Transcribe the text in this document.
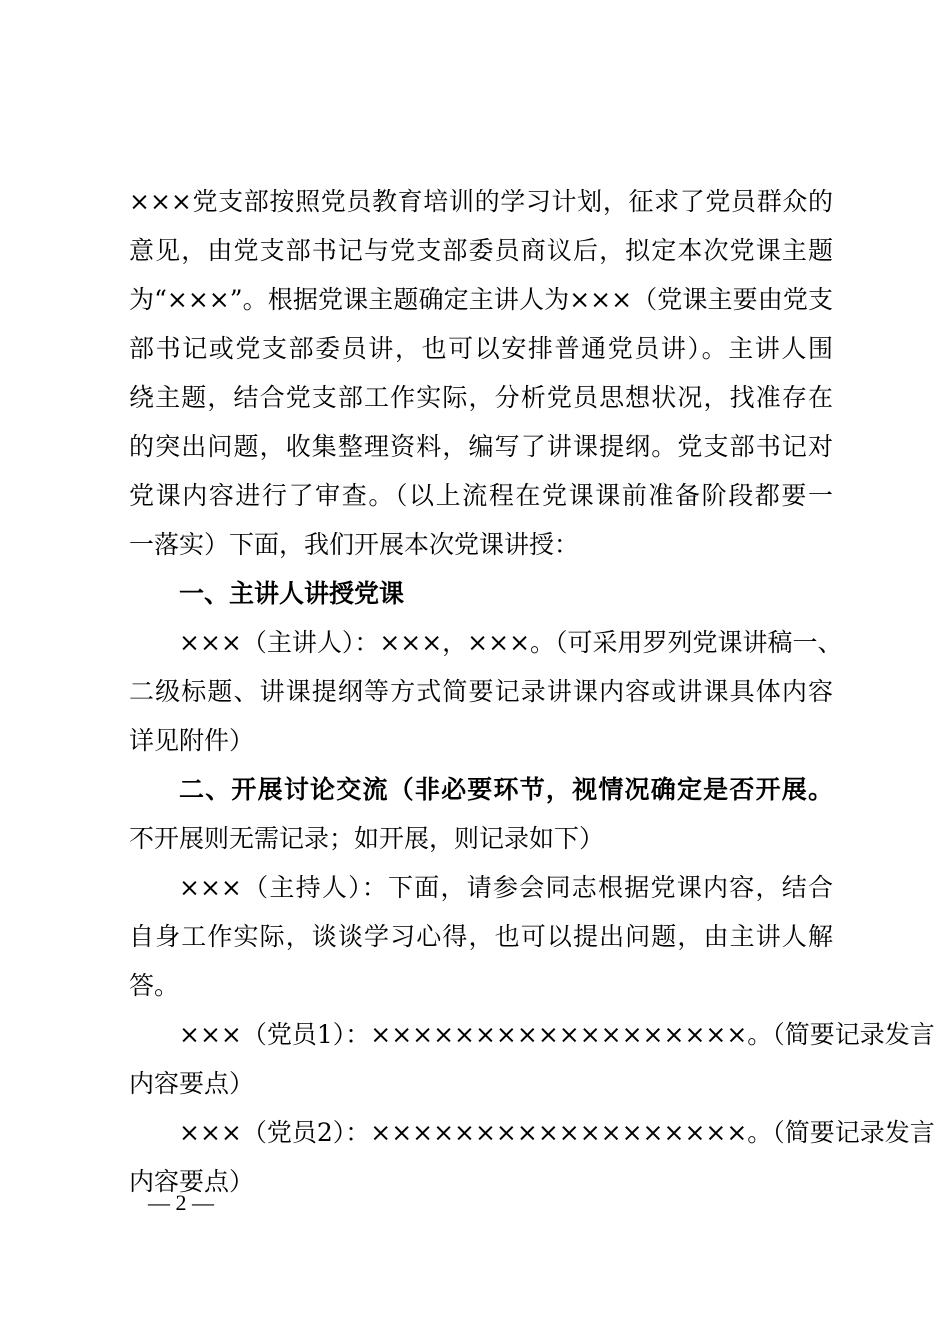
×××党支部按照党员教育培训的学习计划，征求了党员群众的
意见，由党支部书记与党支部委员商议后，拟定本次党课主题
为“×××”。根据党课主题确定主讲人为×××（党课主要由党支
部书记或党支部委员讲，也可以安排普通党员讲）。主讲人围
绕主题，结合党支部工作实际，分析党员思想状况，找准存在
的突出问题，收集整理资料，编写了讲课提纲。党支部书记对
党课内容进行了审查。（以上流程在党课课前准备阶段都要一
一落实）下面，我们开展本次党课讲授：
一、主讲人讲授党课
×××（主讲人）：×××，×××。（可采用罗列党课讲稿一、
二级标题、讲课提纲等方式简要记录讲课内容或讲课具体内容
详见附件）
二、开展讨论交流（非必要环节，视情况确定是否开展。
不开展则无需记录；如开展，则记录如下）
×××（主持人）：下面，请参会同志根据党课内容，结合
自身工作实际，谈谈学习心得，也可以提出问题，由主讲人解
答。
×××（党员1）：××××××××××××××××××。（简要记录发言
内容要点）
×××（党员2）：××××××××××××××××××。（简要记录发言
内容要点）
— 2 —
